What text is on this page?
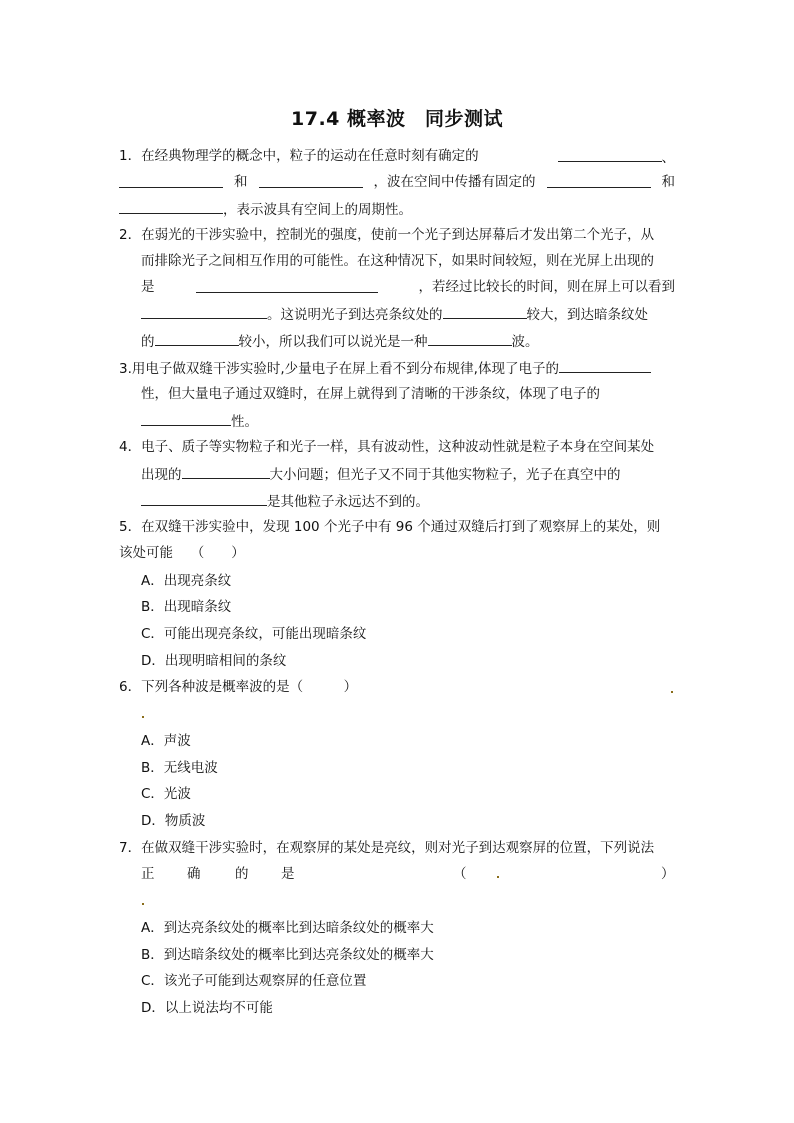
17.4 概率波　同步测试
1．在经典物理学的概念中，粒子的运动在任意时刻有确定的	、
和	，波在空间中传播有固定的	和
，表示波具有空间上的周期性。
2．在弱光的干涉实验中，控制光的强度，使前一个光子到达屏幕后才发出第二个光子，从
而排除光子之间相互作用的可能性。在这种情况下，如果时间较短，则在光屏上出现的
是	，若经过比较长的时间，则在屏上可以看到
。这说明光子到达亮条纹处的	较大，到达暗条纹处
的	较小，所以我们可以说光是一种	波。
3.用电子做双缝干涉实验时,少量电子在屏上看不到分布规律,体现了电子的
性，但大量电子通过双缝时，在屏上就得到了清晰的干涉条纹，体现了电子的
性。
4．电子、质子等实物粒子和光子一样，具有波动性，这种波动性就是粒子本身在空间某处
出现的	大小问题；但光子又不同于其他实物粒子，光子在真空中的
是其他粒子永远达不到的。
5．在双缝干涉实验中，发现 100 个光子中有 96 个通过双缝后打到了观察屏上的某处，则
该处可能　 （　　）
A．出现亮条纹
B．出现暗条纹
C．可能出现亮条纹，可能出现暗条纹
D．出现明暗相间的条纹
6．下列各种波是概率波的是（　　　）
A．声波
B．无线电波
C．光波
D．物质波
7．在做双缝干涉实验时，在观察屏的某处是亮纹，则对光子到达观察屏的位置，下列说法
正 确	的 是	（	）
A．到达亮条纹处的概率比到达暗条纹处的概率大
B．到达暗条纹处的概率比到达亮条纹处的概率大
C．该光子可能到达观察屏的任意位置
D．以上说法均不可能
